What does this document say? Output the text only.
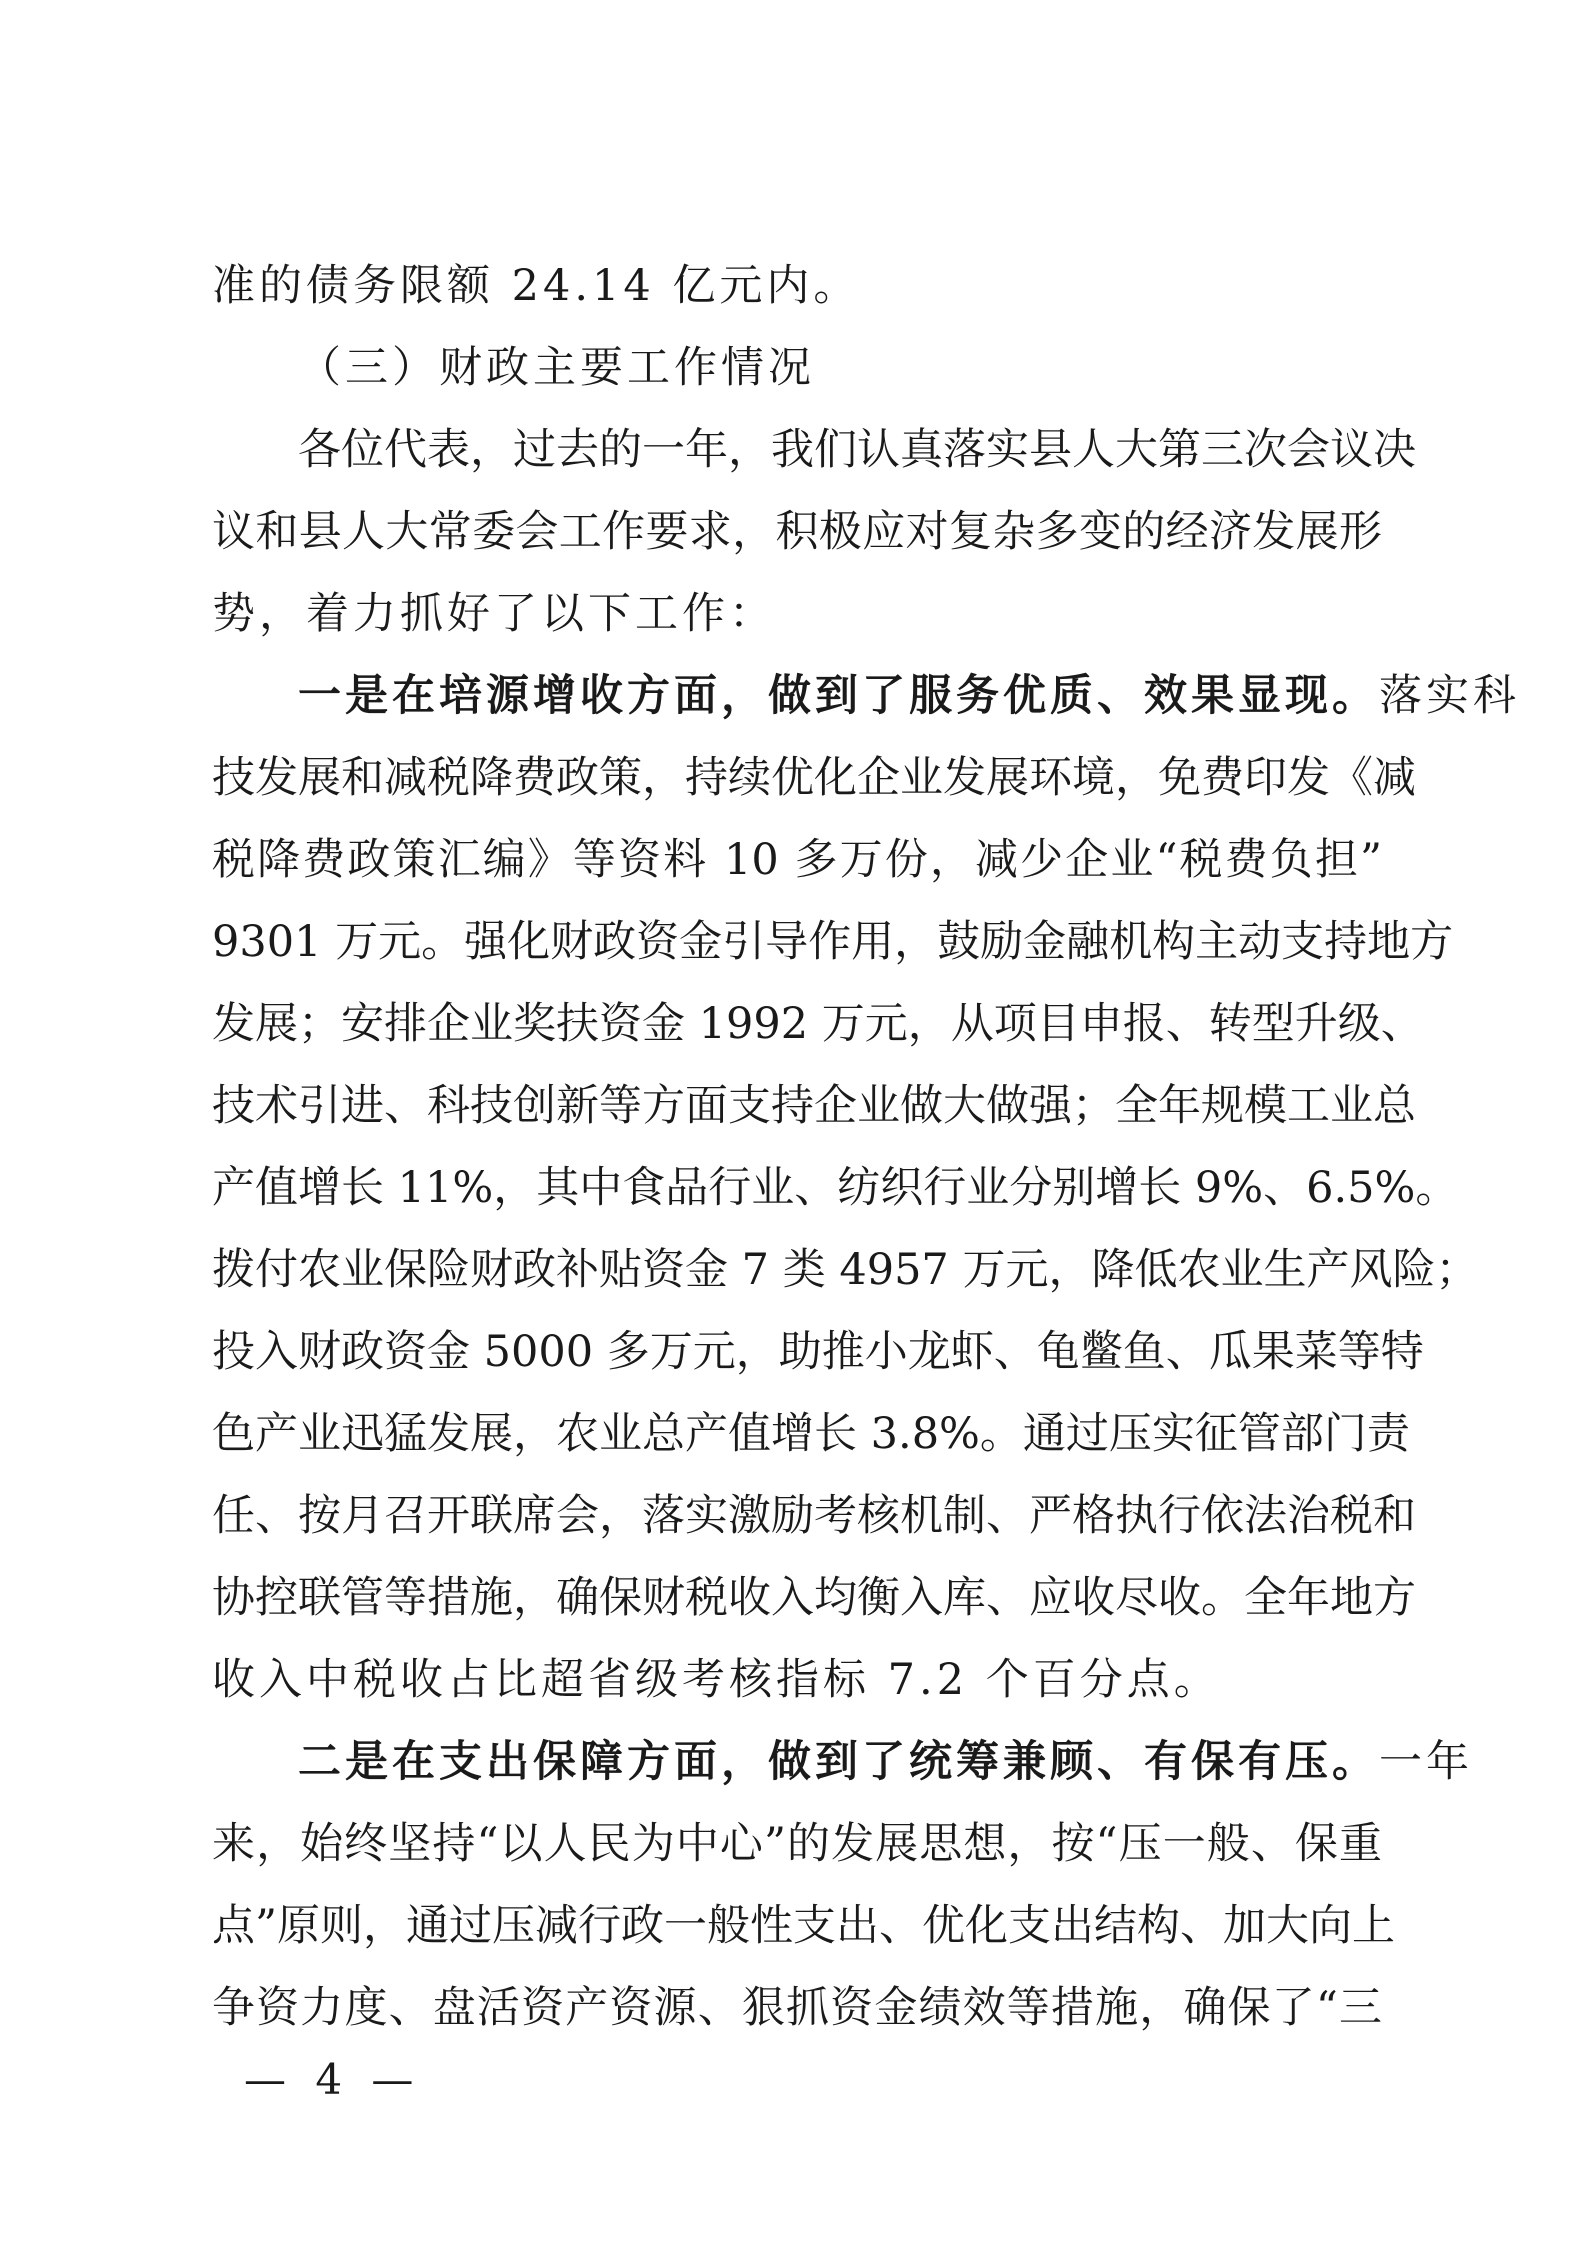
准的债务限额 24.14 亿元内。
（三）财政主要工作情况
各位代表，过去的一年，我们认真落实县人大第三次会议决
议和县人大常委会工作要求，积极应对复杂多变的经济发展形
势，着力抓好了以下工作：
一是在培源增收方面，做到了服务优质、效果显现。落实科
技发展和减税降费政策，持续优化企业发展环境，免费印发《减
税降费政策汇编》等资料 10 多万份，减少企业“税费负担”
9301 万元。强化财政资金引导作用，鼓励金融机构主动支持地方
发展；安排企业奖扶资金 1992 万元，从项目申报、转型升级、
技术引进、科技创新等方面支持企业做大做强；全年规模工业总
产值增长 11%，其中食品行业、纺织行业分别增长 9%、6.5%。
拨付农业保险财政补贴资金 7 类 4957 万元，降低农业生产风险；
投入财政资金 5000 多万元，助推小龙虾、龟鳖鱼、瓜果菜等特
色产业迅猛发展，农业总产值增长 3.8%。通过压实征管部门责
任、按月召开联席会，落实激励考核机制、严格执行依法治税和
协控联管等措施，确保财税收入均衡入库、应收尽收。全年地方
收入中税收占比超省级考核指标 7.2 个百分点。
二是在支出保障方面，做到了统筹兼顾、有保有压。一年
来，始终坚持“以人民为中心”的发展思想，按“压一般、保重
点”原则，通过压减行政一般性支出、优化支出结构、加大向上
争资力度、盘活资产资源、狠抓资金绩效等措施，确保了“三
— 4 —
